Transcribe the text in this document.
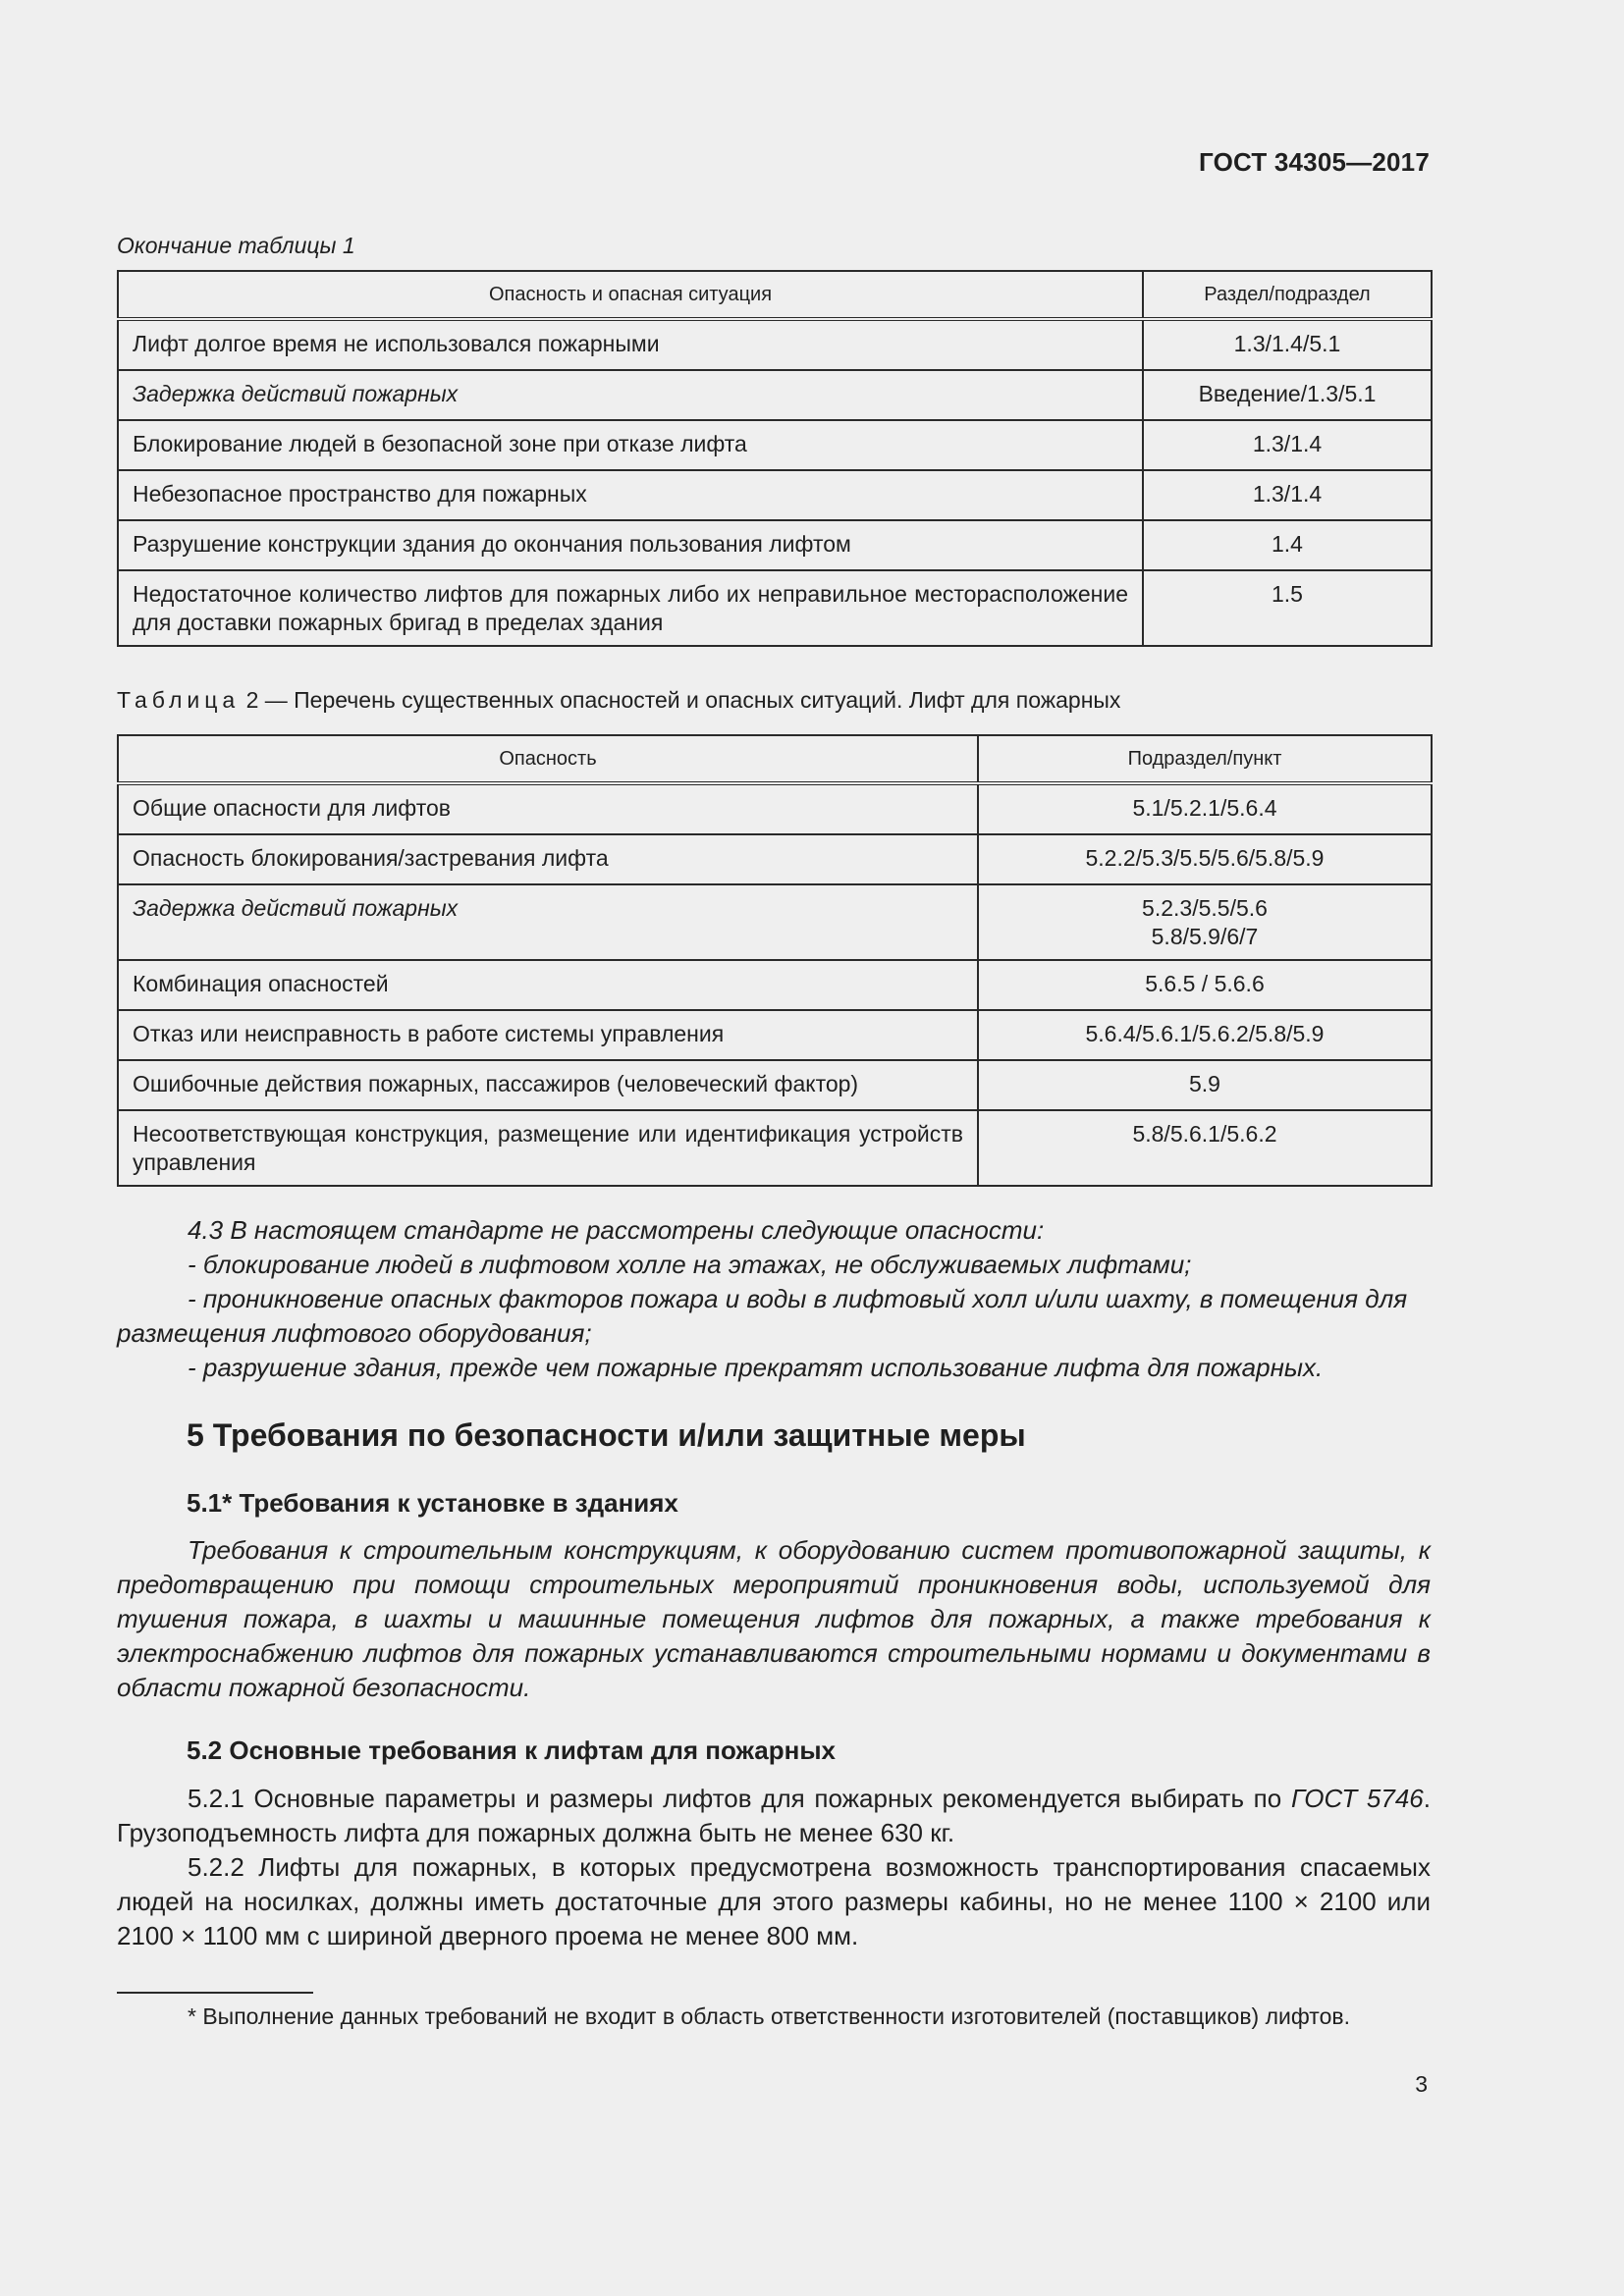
ГОСТ 34305—2017
Окончание таблицы 1
Опасность и опасная ситуация	Раздел/подраздел
Лифт долгое время не использовался пожарными	1.3/1.4/5.1
Задержка действий пожарных	Введение/1.3/5.1
Блокирование людей в безопасной зоне при отказе лифта	1.3/1.4
Небезопасное пространство для пожарных	1.3/1.4
Разрушение конструкции здания до окончания пользования лифтом	1.4
Недостаточное количество лифтов для пожарных либо их неправильное месторасположение для доставки пожарных бригад в пределах здания	1.5
Таблица 2 — Перечень существенных опасностей и опасных ситуаций. Лифт для пожарных
Опасность	Подраздел/пункт
Общие опасности для лифтов	5.1/5.2.1/5.6.4
Опасность блокирования/застревания лифта	5.2.2/5.3/5.5/5.6/5.8/5.9
Задержка действий пожарных	5.2.3/5.5/5.6
5.8/5.9/6/7

Комбинация опасностей	5.6.5 / 5.6.6
Отказ или неисправность в работе системы управления	5.6.4/5.6.1/5.6.2/5.8/5.9
Ошибочные действия пожарных, пассажиров (человеческий фактор)	5.9
Несоответствующая конструкция, размещение или идентификация устройств управления	5.8/5.6.1/5.6.2

4.3 В настоящем стандарте не рассмотрены следующие опасности:

- блокирование людей в лифтовом холле на этажах, не обслуживаемых лифтами;

- проникновение опасных факторов пожара и воды в лифтовый холл и/или шахту, в помещения для размещения лифтового оборудования;

- разрушение здания, прежде чем пожарные прекратят использование лифта для пожарных.

5 Требования по безопасности и/или защитные меры
5.1* Требования к установке в зданиях

Требования к строительным конструкциям, к оборудованию систем противопожарной защиты, к предотвращению при помощи строительных мероприятий проникновения воды, используемой для тушения пожара, в шахты и машинные помещения лифтов для пожарных, а также требования к электроснабжению лифтов для пожарных устанавливаются строительными нормами и документами в области пожарной безопасности.

5.2 Основные требования к лифтам для пожарных

5.2.1 Основные параметры и размеры лифтов для пожарных рекомендуется выбирать по ГОСТ 5746. Грузоподъемность лифта для пожарных должна быть не менее 630 кг.

5.2.2 Лифты для пожарных, в которых предусмотрена возможность транспортирования спасаемых людей на носилках, должны иметь достаточные для этого размеры кабины, но не менее 1100 × 2100 или 2100 × 1100 мм с шириной дверного проема не менее 800 мм.

* Выполнение данных требований не входит в область ответственности изготовителей (поставщиков) лифтов.
3
